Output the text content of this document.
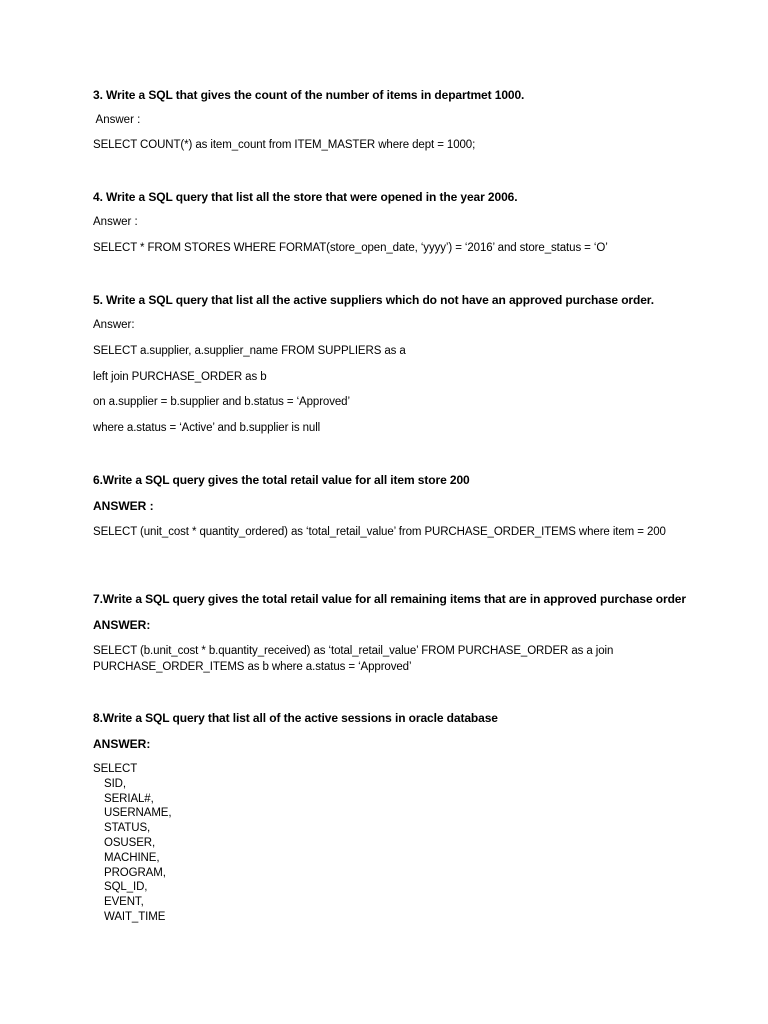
3. Write a SQL that gives the count of the number of items in departmet 1000.
Answer :
SELECT COUNT(*) as item_count from ITEM_MASTER where dept = 1000;
4. Write a SQL query that list all the store that were opened in the year 2006.
Answer :
SELECT * FROM STORES WHERE FORMAT(store_open_date, ‘yyyy’) = ‘2016’ and store_status = ‘O’
5. Write a SQL query that list all the active suppliers which do not have an approved purchase order.
Answer:
SELECT a.supplier, a.supplier_name FROM SUPPLIERS as a
left join PURCHASE_ORDER as b
on a.supplier = b.supplier and b.status = ‘Approved’
where a.status = ‘Active’ and b.supplier is null
6.Write a SQL query gives the total retail value for all item store 200
ANSWER :
SELECT (unit_cost * quantity_ordered) as ‘total_retail_value’ from PURCHASE_ORDER_ITEMS where item = 200
7.Write a SQL query gives the total retail value for all remaining items that are in approved purchase order
ANSWER:
SELECT (b.unit_cost * b.quantity_received) as ‘total_retail_value’ FROM PURCHASE_ORDER as a join PURCHASE_ORDER_ITEMS as b where a.status = ‘Approved’
8.Write a SQL query that list all of the active sessions in oracle database
ANSWER:
SELECT
SID,
SERIAL#,
USERNAME,
STATUS,
OSUSER,
MACHINE,
PROGRAM,
SQL_ID,
EVENT,
WAIT_TIME
